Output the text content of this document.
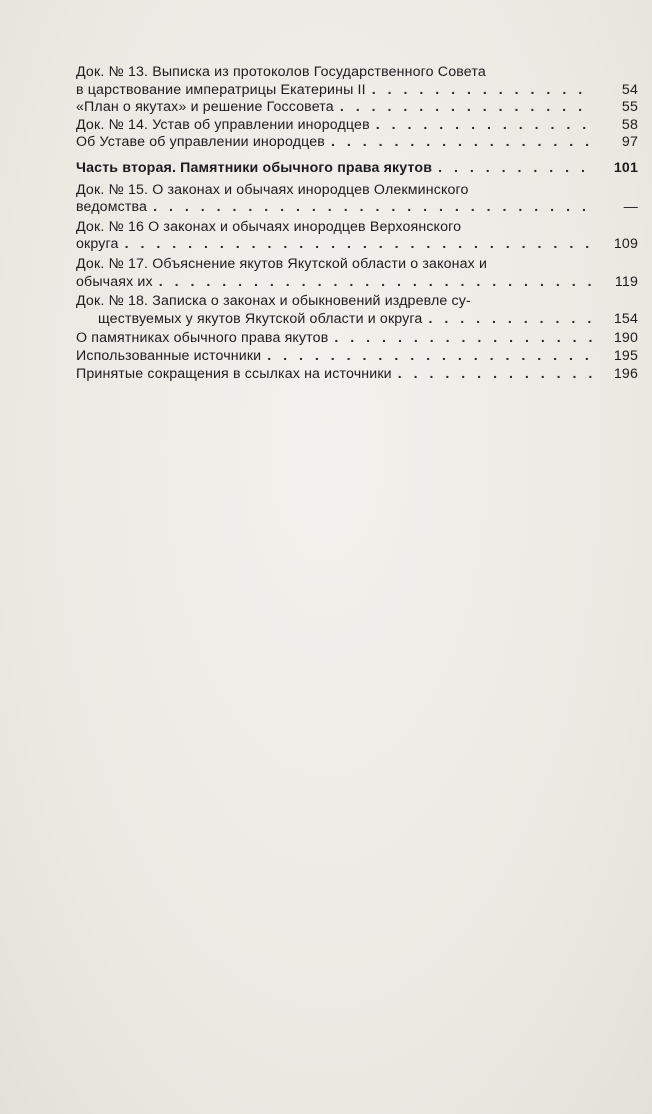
Док. № 13. Выписка из протоколов Государственного Совета
в царствование императрицы Екатерины II . . .	54
«План о якутах» и решение Госсовета . . .	55
Док. № 14. Устав об управлении инородцев . . .	58
Об Уставе об управлении инородцев . . .	97
Часть вторая. Памятники обычного права якутов . . .	101
Док. № 15. О законах и обычаях инородцев Олекминского
ведомства . . .	—
Док. № 16 О законах и обычаях инородцев Верхоянского
округа . . .	109
Док. № 17. Объяснение якутов Якутской области о законах и
обычаях их . . .	119
Док. № 18. Записка о законах и обыкновений издревле су-
ществуемых у якутов Якутской области и округа . . .	154
О памятниках обычного права якутов . . .	190
Использованные источники . . .	195
Принятые сокращения в ссылках на источники . . .	196
